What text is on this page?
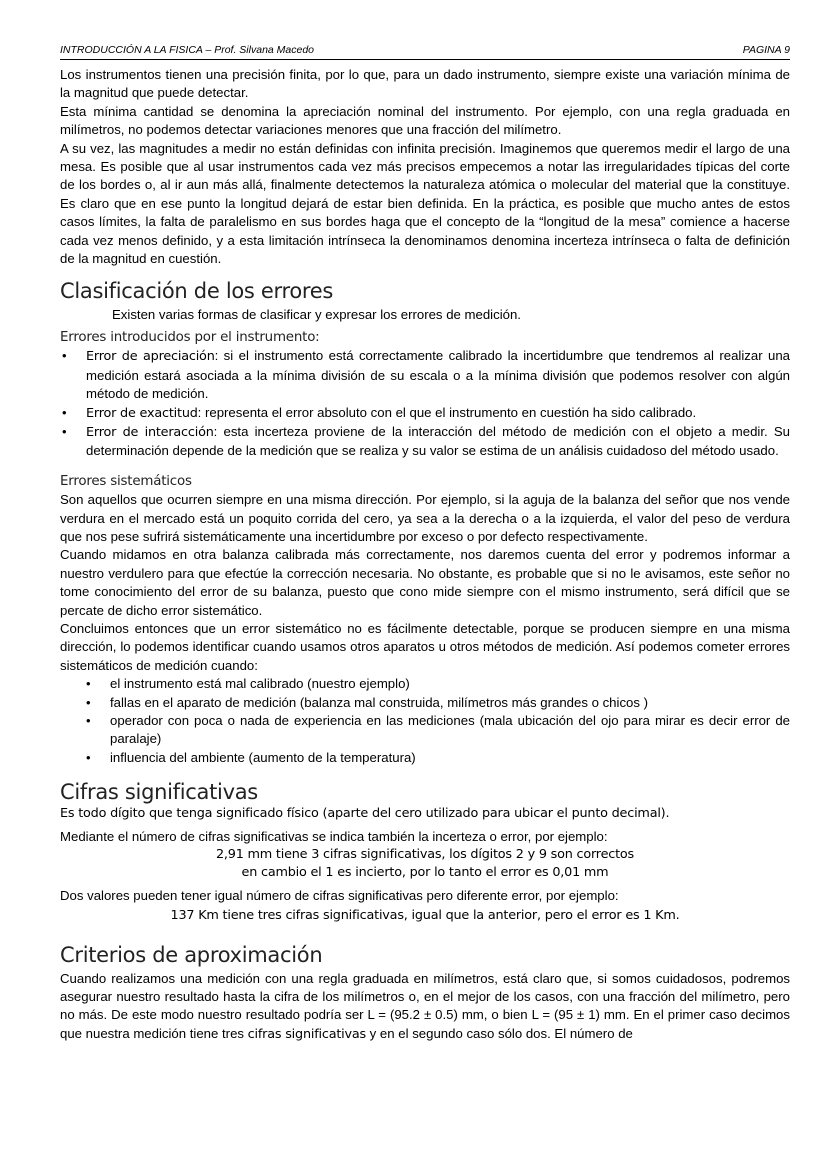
INTRODUCCIÓN A LA FISICA – Prof. Silvana Macedo	PAGINA 9

Los instrumentos tienen una precisión finita, por lo que, para un dado instrumento, siempre existe una variación mínima de la magnitud que puede detectar.

Esta mínima cantidad se denomina la apreciación nominal del instrumento. Por ejemplo, con una regla graduada en milímetros, no podemos detectar variaciones menores que una fracción del milímetro.

A su vez, las magnitudes a medir no están definidas con infinita precisión. Imaginemos que queremos medir el largo de una mesa. Es posible que al usar instrumentos cada vez más precisos empecemos a notar las irregularidades típicas del corte de los bordes o, al ir aun más allá, finalmente detectemos la naturaleza atómica o molecular del material que la constituye. Es claro que en ese punto la longitud dejará de estar bien definida. En la práctica, es posible que mucho antes de estos casos límites, la falta de paralelismo en sus bordes haga que el concepto de la “longitud de la mesa” comience a hacerse cada vez menos definido, y a esta limitación intrínseca la denominamos denomina incerteza intrínseca o falta de definición de la magnitud en cuestión.

Clasificación de los errores

Existen varias formas de clasificar y expresar los errores de medición.

Errores introducidos por el instrumento:

• Error de apreciación: si el instrumento está correctamente calibrado la incertidumbre que tendremos al realizar una medición estará asociada a la mínima división de su escala o a la mínima división que podemos resolver con algún método de medición.
• Error de exactitud: representa el error absoluto con el que el instrumento en cuestión ha sido calibrado.
• Error de interacción: esta incerteza proviene de la interacción del método de medición con el objeto a medir. Su determinación depende de la medición que se realiza y su valor se estima de un análisis cuidadoso del método usado.

Errores sistemáticos

Son aquellos que ocurren siempre en una misma dirección. Por ejemplo, si la aguja de la balanza del señor que nos vende verdura en el mercado está un poquito corrida del cero, ya sea a la derecha o a la izquierda, el valor del peso de verdura que nos pese sufrirá sistemáticamente una incertidumbre por exceso o por defecto respectivamente.

Cuando midamos en otra balanza calibrada más correctamente, nos daremos cuenta del error y podremos informar a nuestro verdulero para que efectúe la corrección necesaria. No obstante, es probable que si no le avisamos, este señor no tome conocimiento del error de su balanza, puesto que cono mide siempre con el mismo instrumento, será difícil que se percate de dicho error sistemático.

Concluimos entonces que un error sistemático no es fácilmente detectable, porque se producen siempre en una misma dirección, lo podemos identificar cuando usamos otros aparatos u otros métodos de medición. Así podemos cometer errores sistemáticos de medición cuando:

• el instrumento está mal calibrado (nuestro ejemplo)
• fallas en el aparato de medición (balanza mal construida, milímetros más grandes o chicos )
• operador con poca o nada de experiencia en las mediciones (mala ubicación del ojo para mirar es decir error de paralaje)
• influencia del ambiente (aumento de la temperatura)
Cifras significativas

Es todo dígito que tenga significado físico (aparte del cero utilizado para ubicar el punto decimal).

Mediante el número de cifras significativas se indica también la incerteza o error, por ejemplo:

2,91 mm tiene 3 cifras significativas, los dígitos 2 y 9 son correctos

en cambio el 1 es incierto, por lo tanto el error es 0,01 mm

Dos valores pueden tener igual número de cifras significativas pero diferente error, por ejemplo:

137 Km tiene tres cifras significativas, igual que la anterior, pero el error es 1 Km.

Criterios de aproximación

Cuando realizamos una medición con una regla graduada en milímetros, está claro que, si somos cuidadosos, podremos asegurar nuestro resultado hasta la cifra de los milímetros o, en el mejor de los casos, con una fracción del milímetro, pero no más. De este modo nuestro resultado podría ser L = (95.2 ± 0.5) mm, o bien L = (95 ± 1) mm. En el primer caso decimos que nuestra medición tiene tres cifras significativas y en el segundo caso sólo dos. El número de
